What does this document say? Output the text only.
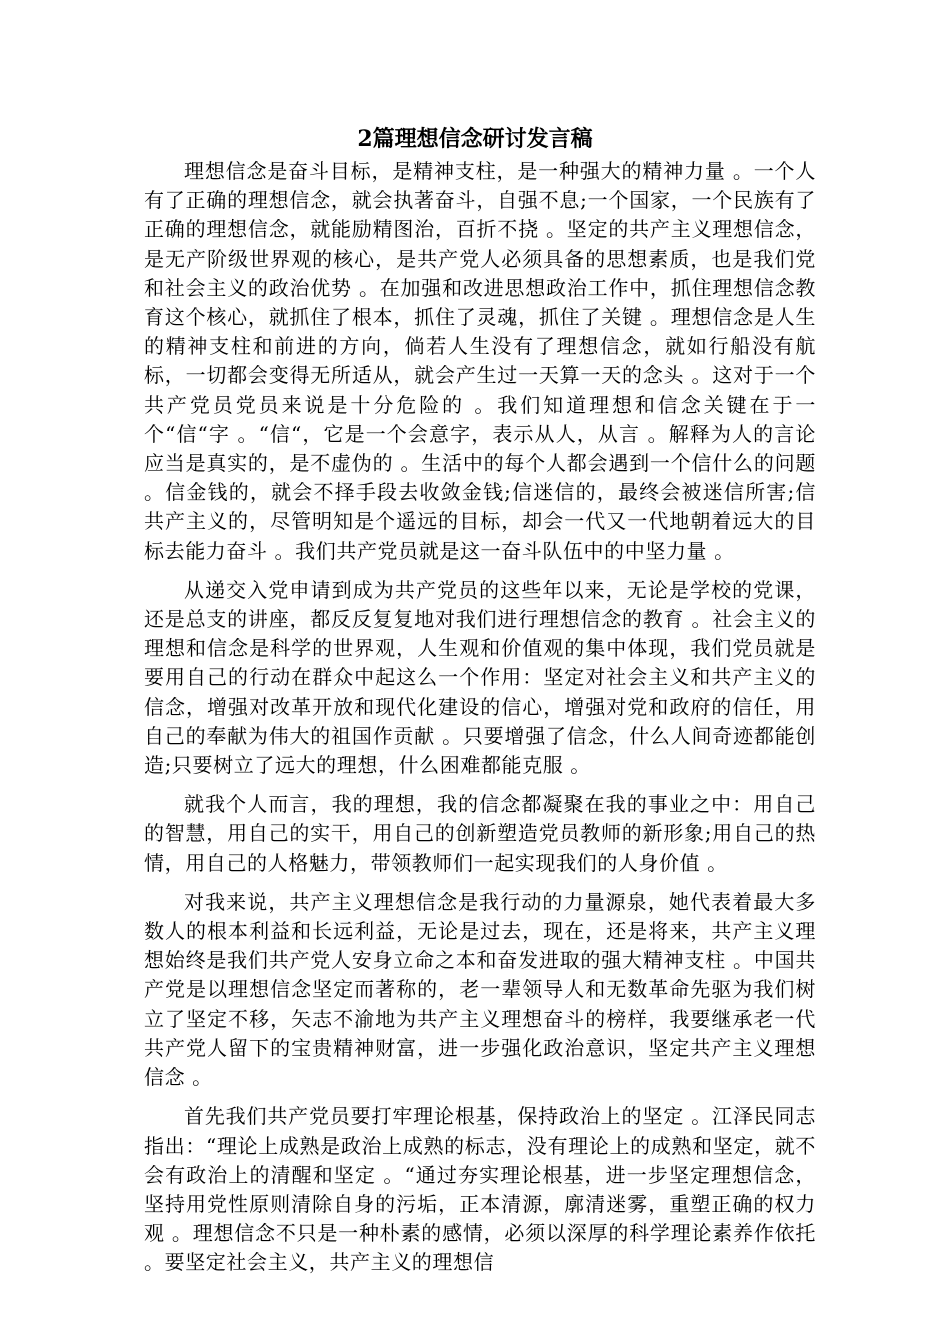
2篇理想信念研讨发言稿

理想信念是奋斗目标，是精神支柱，是一种强大的精神力量 。一个人有了正确的理想信念，就会执著奋斗，自强不息;一个国家，一个民族有了正确的理想信念，就能励精图治，百折不挠 。坚定的共产主义理想信念，是无产阶级世界观的核心，是共产党人必须具备的思想素质，也是我们党和社会主义的政治优势 。在加强和改进思想政治工作中，抓住理想信念教育这个核心，就抓住了根本，抓住了灵魂，抓住了关键 。理想信念是人生的精神支柱和前进的方向，倘若人生没有了理想信念，就如行船没有航标，一切都会变得无所适从，就会产生过一天算一天的念头 。这对于一个共产党员党员来说是十分危险的 。我们知道理想和信念关键在于一个“信“字 。“信“，它是一个会意字，表示从人，从言 。解释为人的言论应当是真实的，是不虚伪的 。生活中的每个人都会遇到一个信什么的问题 。信金钱的，就会不择手段去收敛金钱;信迷信的，最终会被迷信所害;信共产主义的，尽管明知是个遥远的目标，却会一代又一代地朝着远大的目标去能力奋斗 。我们共产党员就是这一奋斗队伍中的中坚力量 。

从递交入党申请到成为共产党员的这些年以来，无论是学校的党课，还是总支的讲座，都反反复复地对我们进行理想信念的教育 。社会主义的理想和信念是科学的世界观，人生观和价值观的集中体现，我们党员就是要用自己的行动在群众中起这么一个作用：坚定对社会主义和共产主义的信念，增强对改革开放和现代化建设的信心，增强对党和政府的信任，用自己的奉献为伟大的祖国作贡献 。只要增强了信念，什么人间奇迹都能创造;只要树立了远大的理想，什么困难都能克服 。

就我个人而言，我的理想，我的信念都凝聚在我的事业之中：用自己的智慧，用自己的实干，用自己的创新塑造党员教师的新形象;用自己的热情，用自己的人格魅力，带领教师们一起实现我们的人身价值 。

对我来说，共产主义理想信念是我行动的力量源泉，她代表着最大多数人的根本利益和长远利益，无论是过去，现在，还是将来，共产主义理想始终是我们共产党人安身立命之本和奋发进取的强大精神支柱 。中国共产党是以理想信念坚定而著称的，老一辈领导人和无数革命先驱为我们树立了坚定不移，矢志不渝地为共产主义理想奋斗的榜样，我要继承老一代共产党人留下的宝贵精神财富，进一步强化政治意识，坚定共产主义理想信念 。

首先我们共产党员要打牢理论根基，保持政治上的坚定 。江泽民同志指出：“理论上成熟是政治上成熟的标志，没有理论上的成熟和坚定，就不会有政治上的清醒和坚定 。“通过夯实理论根基，进一步坚定理想信念，坚持用党性原则清除自身的污垢，正本清源，廓清迷雾，重塑正确的权力观 。理想信念不只是一种朴素的感情，必须以深厚的科学理论素养作依托 。要坚定社会主义，共产主义的理想信
